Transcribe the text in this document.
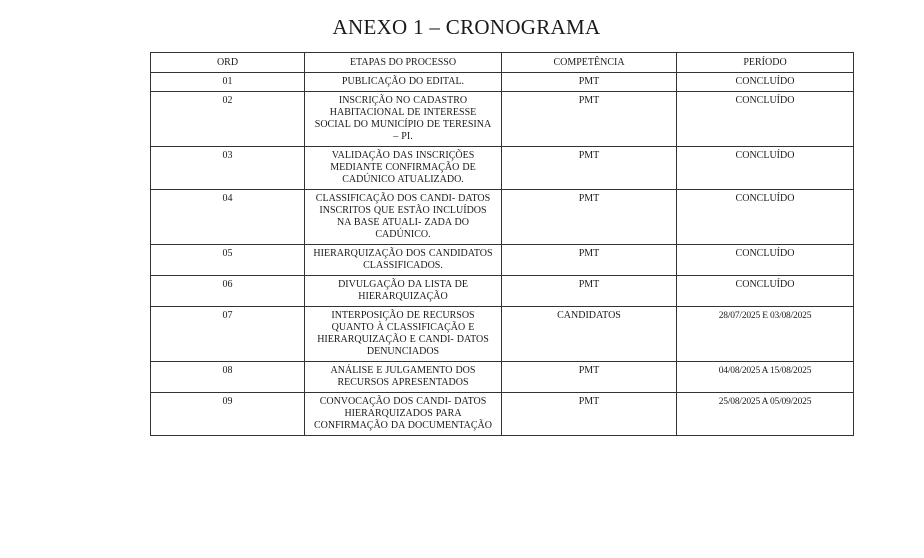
ANEXO 1 – CRONOGRAMA
ORD	ETAPAS DO PROCESSO	COMPETÊNCIA	PERÍODO
01	PUBLICAÇÃO DO EDITAL.	PMT	CONCLUÍDO
02	INSCRIÇÃO NO CADASTRO HABITACIONAL DE INTERESSE SOCIAL DO MUNICÍPIO DE TERESINA – PI.	PMT	CONCLUÍDO
03	VALIDAÇÃO DAS INSCRIÇÕES MEDIANTE CONFIRMAÇÃO DE CADÚNICO ATUALIZADO.	PMT	CONCLUÍDO
04	CLASSIFICAÇÃO DOS CANDI- DATOS INSCRITOS QUE ESTÃO INCLUÍDOS NA BASE ATUALI- ZADA DO CADÚNICO.	PMT	CONCLUÍDO
05	HIERARQUIZAÇÃO DOS CANDIDATOS CLASSIFICADOS.	PMT	CONCLUÍDO
06	DIVULGAÇÃO DA LISTA DE HIERARQUIZAÇÃO	PMT	CONCLUÍDO
07	INTERPOSIÇÃO DE RECURSOS QUANTO À CLASSIFICAÇÃO E HIERARQUIZAÇÃO E CANDI- DATOS DENUNCIADOS	CANDIDATOS	28/07/2025 E 03/08/2025
08	ANÁLISE E JULGAMENTO DOS RECURSOS APRESENTADOS	PMT	04/08/2025 A 15/08/2025
09	CONVOCAÇÃO DOS CANDI- DATOS HIERARQUIZADOS PARA CONFIRMAÇÃO DA DOCUMENTAÇÃO	PMT	25/08/2025 A 05/09/2025
